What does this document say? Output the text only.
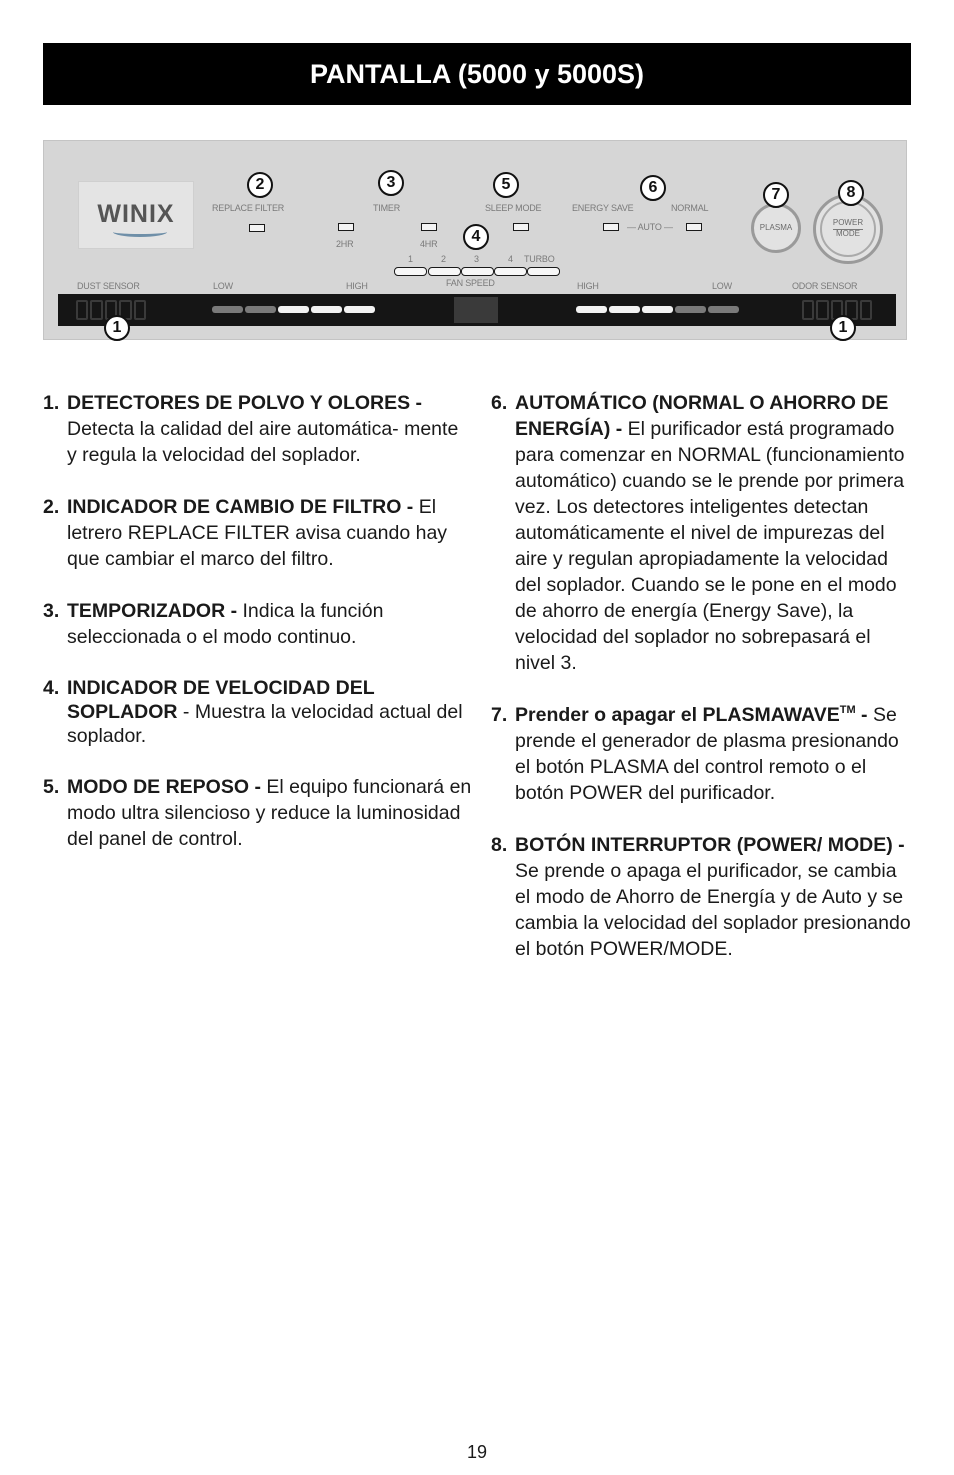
PANTALLA (5000 y 5000S)
WINIX	REPLACE FILTER	TIMER	SLEEP MODE	ENERGY SAVE	NORMAL
— AUTO —
2HR	4HR
1	2	3	4 TURBO
FAN SPEED
DUST SENSOR	LOW	HIGH	HIGH	LOW	ODOR SENSOR
PLASMA	POWER
MODE
1	1
2	3
4
5	6	7	8
1. DETECTORES DE POLVO Y OLORES - Detecta la calidad del aire automática- mente y regula la velocidad del soplador.
2. INDICADOR DE CAMBIO DE FILTRO - El letrero REPLACE FILTER avisa cuando hay que cambiar el marco del filtro.
3. TEMPORIZADOR - Indica la función seleccionada o el modo continuo.
4. INDICADOR DE VELOCIDAD DEL SOPLADOR - Muestra la velocidad actual del soplador.
5. MODO DE REPOSO - El equipo funcionará en modo ultra silencioso y reduce la luminosidad del panel de control.
6. AUTOMÁTICO (NORMAL O AHORRO DE ENERGÍA) - El purificador está programado para comenzar en NORMAL (funcionamiento automático) cuando se le prende por primera vez. Los detectores inteligentes detectan automáticamente el nivel de impurezas del aire y regulan apropiadamente la velocidad del soplador. Cuando se le pone en el modo de ahorro de energía (Energy Save), la velocidad del soplador no sobrepasará el nivel 3.
7. Prender o apagar el PLASMAWAVE™ - Se prende el generador de plasma presionando el botón PLASMA del control remoto o el botón POWER del purificador.
8. BOTÓN INTERRUPTOR (POWER/ MODE) - Se prende o apaga el purificador, se cambia el modo de Ahorro de Energía y de Auto y se cambia la velocidad del soplador presionando el botón POWER/MODE.
19
